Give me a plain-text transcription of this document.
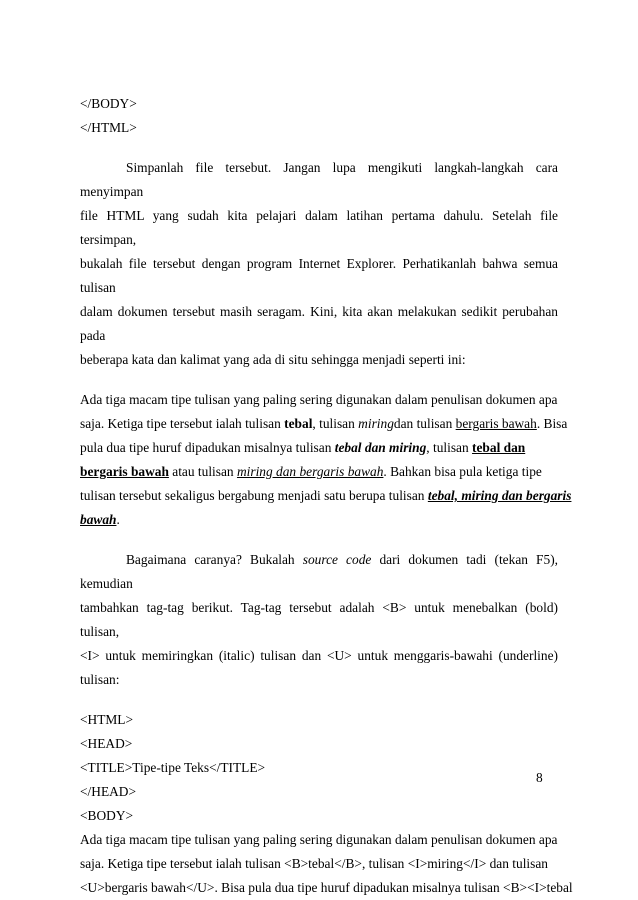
</BODY>
</HTML>
Simpanlah file tersebut. Jangan lupa mengikuti langkah-langkah cara menyimpan
file HTML yang sudah kita pelajari dalam latihan pertama dahulu. Setelah file tersimpan,
bukalah file tersebut dengan program Internet Explorer. Perhatikanlah bahwa semua tulisan
dalam dokumen tersebut masih seragam. Kini, kita akan melakukan sedikit perubahan pada
beberapa kata dan kalimat yang ada di situ sehingga menjadi seperti ini:
Ada tiga macam tipe tulisan yang paling sering digunakan dalam penulisan dokumen apa
saja. Ketiga tipe tersebut ialah tulisan tebal, tulisan miringdan tulisan bergaris bawah. Bisa
pula dua tipe huruf dipadukan misalnya tulisan tebal dan miring, tulisan tebal dan
bergaris bawah atau tulisan miring dan bergaris bawah. Bahkan bisa pula ketiga tipe
tulisan tersebut sekaligus bergabung menjadi satu berupa tulisan tebal, miring dan bergaris
bawah.
Bagaimana caranya? Bukalah source code dari dokumen tadi (tekan F5), kemudian
tambahkan tag-tag berikut. Tag-tag tersebut adalah <B> untuk menebalkan (bold) tulisan,
<I> untuk memiringkan (italic) tulisan dan <U> untuk menggaris-bawahi (underline)
tulisan:
<HTML>
<HEAD>
<TITLE>Tipe-tipe Teks</TITLE>
</HEAD>
<BODY>
Ada tiga macam tipe tulisan yang paling sering digunakan dalam penulisan dokumen apa
saja. Ketiga tipe tersebut ialah tulisan <B>tebal</B>, tulisan <I>miring</I> dan tulisan
<U>bergaris bawah</U>. Bisa pula dua tipe huruf dipadukan misalnya tulisan <B><I>tebal
8
